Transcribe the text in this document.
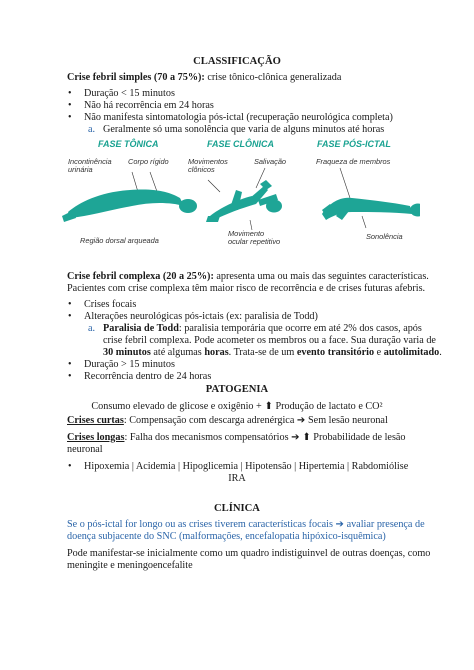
CLASSIFICAÇÃO
Crise febril simples (70 a 75%): crise tônico-clônica generalizada
• Duração < 15 minutos
• Não há recorrência em 24 horas
• Não manifesta sintomatologia pós-ictal (recuperação neurológica completa)
a. Geralmente só uma sonolência que varia de alguns minutos até horas
FASE TÔNICA	FASE CLÔNICA	FASE PÓS-ICTAL
Incontinência
urinária
Corpo rígido	Movimentos
clônicos
Salivação	Fraqueza de membros
Região dorsal arqueada
Movimento
ocular repetitivo
Sonolência
Crise febril complexa (20 a 25%): apresenta uma ou mais das seguintes características.
Pacientes com crise complexa têm maior risco de recorrência e de crises futuras afebris.
• Crises focais
• Alterações neurológicas pós-ictais (ex: paralisia de Todd)
a. Paralisia de Todd: paralisia temporária que ocorre em até 2% dos casos, após
crise febril complexa. Pode acometer os membros ou a face. Sua duração varia de
30 minutos até algumas horas. Trata-se de um evento transitório e autolimitado.
• Duração > 15 minutos
• Recorrência dentro de 24 horas
PATOGENIA
Consumo elevado de glicose e oxigênio + ⬆ Produção de lactato e CO²
Crises curtas: Compensação com descarga adrenérgica ➔ Sem lesão neuronal
Crises longas: Falha dos mecanismos compensatórios ➔ ⬆ Probabilidade de lesão
neuronal
• Hipoxemia | Acidemia | Hipoglicemia | Hipotensão | Hipertemia | Rabdomiólise
IRA
CLÍNICA
Se o pós-ictal for longo ou as crises tiverem características focais ➔ avaliar presença de
doença subjacente do SNC (malformações, encefalopatia hipóxico-isquêmica)
Pode manifestar-se inicialmente como um quadro indistiguinvel de outras doenças, como
meningite e meningoencefalite
